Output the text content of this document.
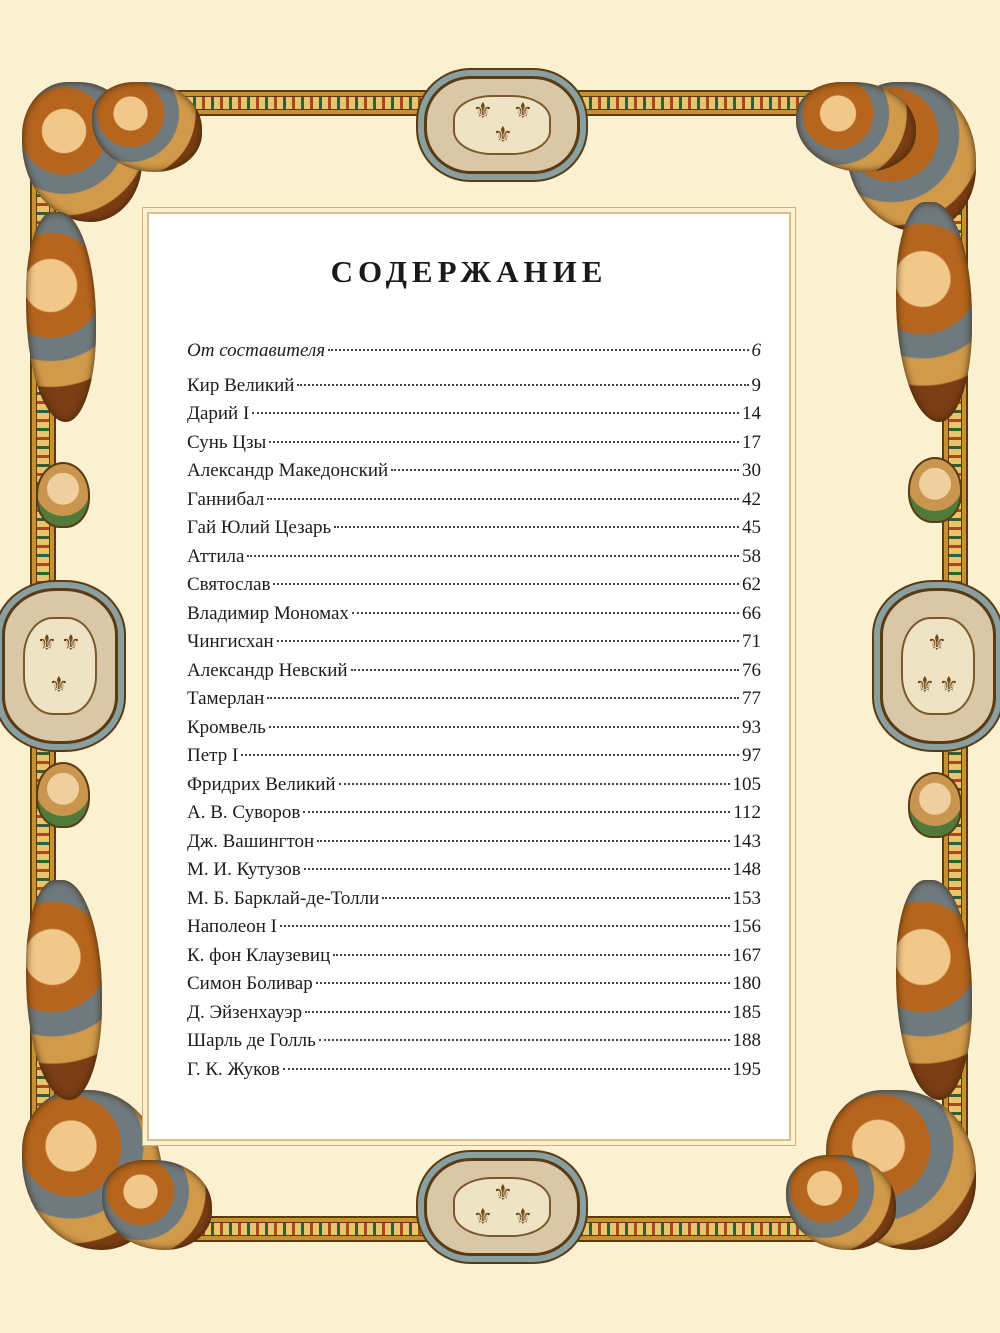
⚜ ⚜
⚜
⚜
⚜ ⚜
⚜ ⚜
⚜
⚜
⚜ ⚜
СОДЕРЖАНИЕ
От составителя	6
Кир Великий	9
Дарий I	14
Сунь Цзы	17
Александр Македонский	30
Ганнибал	42
Гай Юлий Цезарь	45
Аттила	58
Святослав	62
Владимир Мономах	66
Чингисхан	71
Александр Невский	76
Тамерлан	77
Кромвель	93
Петр I	97
Фридрих Великий	105
А. В. Суворов	112
Дж. Вашингтон	143
М. И. Кутузов	148
М. Б. Барклай-де-Толли	153
Наполеон I	156
К. фон Клаузевиц	167
Симон Боливар	180
Д. Эйзенхауэр	185
Шарль де Голль	188
Г. К. Жуков	195
